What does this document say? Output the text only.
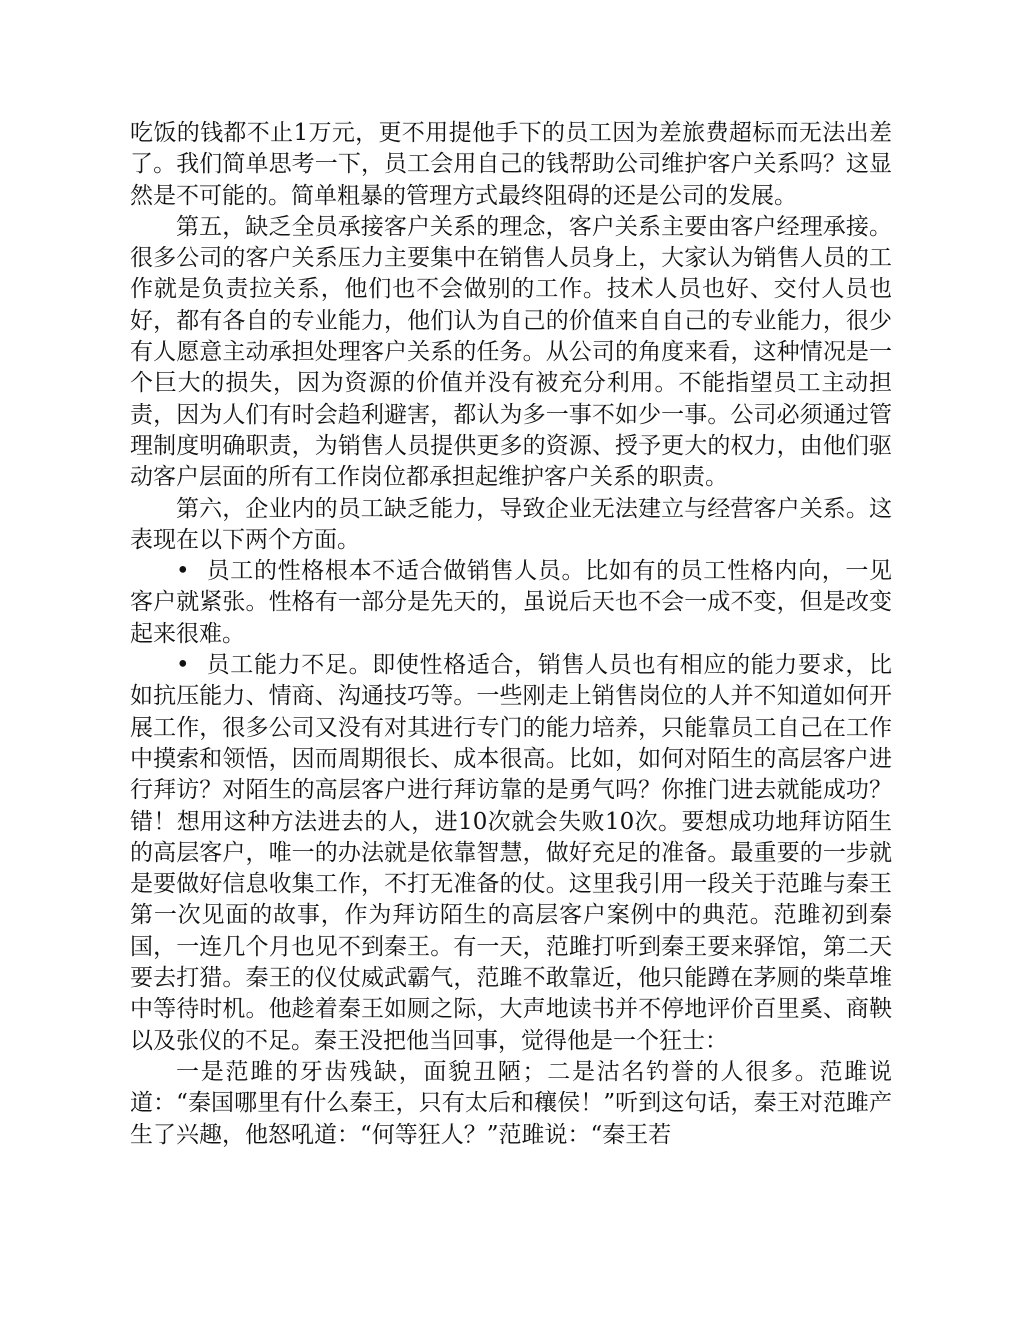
吃饭的钱都不止1万元，更不用提他手下的员工因为差旅费超标而无法出差了。我们简单思考一下，员工会用自己的钱帮助公司维护客户关系吗？这显然是不可能的。简单粗暴的管理方式最终阻碍的还是公司的发展。

第五，缺乏全员承接客户关系的理念，客户关系主要由客户经理承接。很多公司的客户关系压力主要集中在销售人员身上，大家认为销售人员的工作就是负责拉关系，他们也不会做别的工作。技术人员也好、交付人员也好，都有各自的专业能力，他们认为自己的价值来自自己的专业能力，很少有人愿意主动承担处理客户关系的任务。从公司的角度来看，这种情况是一个巨大的损失，因为资源的价值并没有被充分利用。不能指望员工主动担责，因为人们有时会趋利避害，都认为多一事不如少一事。公司必须通过管理制度明确职责，为销售人员提供更多的资源、授予更大的权力，由他们驱动客户层面的所有工作岗位都承担起维护客户关系的职责。

第六，企业内的员工缺乏能力，导致企业无法建立与经营客户关系。这表现在以下两个方面。

• 员工的性格根本不适合做销售人员。比如有的员工性格内向，一见客户就紧张。性格有一部分是先天的，虽说后天也不会一成不变，但是改变起来很难。

• 员工能力不足。即使性格适合，销售人员也有相应的能力要求，比如抗压能力、情商、沟通技巧等。一些刚走上销售岗位的人并不知道如何开展工作，很多公司又没有对其进行专门的能力培养，只能靠员工自己在工作中摸索和领悟，因而周期很长、成本很高。比如，如何对陌生的高层客户进行拜访？对陌生的高层客户进行拜访靠的是勇气吗？你推门进去就能成功？错！想用这种方法进去的人，进10次就会失败10次。要想成功地拜访陌生的高层客户，唯一的办法就是依靠智慧，做好充足的准备。最重要的一步就是要做好信息收集工作，不打无准备的仗。这里我引用一段关于范雎与秦王第一次见面的故事，作为拜访陌生的高层客户案例中的典范。范雎初到秦国，一连几个月也见不到秦王。有一天，范雎打听到秦王要来驿馆，第二天要去打猎。秦王的仪仗威武霸气，范雎不敢靠近，他只能蹲在茅厕的柴草堆中等待时机。他趁着秦王如厕之际，大声地读书并不停地评价百里奚、商鞅以及张仪的不足。秦王没把他当回事，觉得他是一个狂士：

一是范雎的牙齿残缺，面貌丑陋；二是沽名钓誉的人很多。范雎说道：“秦国哪里有什么秦王，只有太后和穰侯！”听到这句话，秦王对范雎产生了兴趣，他怒吼道：“何等狂人？”范雎说：“秦王若
